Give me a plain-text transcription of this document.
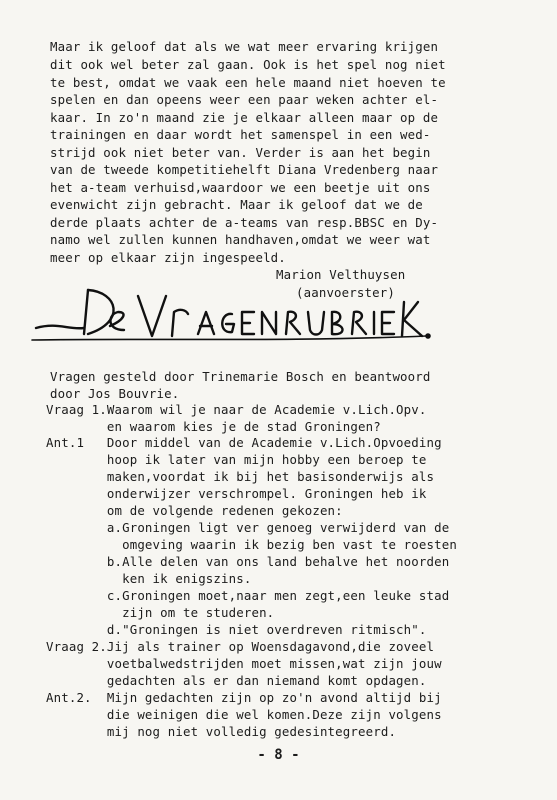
Maar ik geloof dat als we wat meer ervaring krijgen
dit ook wel beter zal gaan. Ook is het spel nog niet
te best, omdat we vaak een hele maand niet hoeven te
spelen en dan opeens weer een paar weken achter el-
kaar. In zo'n maand zie je elkaar alleen maar op de
trainingen en daar wordt het samenspel in een wed-
strijd ook niet beter van. Verder is aan het begin
van de tweede kompetitiehelft Diana Vredenberg naar
het a-team verhuisd,waardoor we een beetje uit ons
evenwicht zijn gebracht. Maar ik geloof dat we de
derde plaats achter de a-teams van resp.BBSC en Dy-
namo wel zullen kunnen handhaven,omdat we weer wat
meer op elkaar zijn ingespeeld.
Marion Velthuysen
(aanvoerster)
Vragen gesteld door Trinemarie Bosch en beantwoord
door Jos Bouvrie.
Vraag 1.Waarom wil je naar de Academie v.Lich.Opv.
en waarom kies je de stad Groningen?
Ant.1   Door middel van de Academie v.Lich.Opvoeding
hoop ik later van mijn hobby een beroep te
maken,voordat ik bij het basisonderwijs als
onderwijzer verschrompel. Groningen heb ik
om de volgende redenen gekozen:
a.Groningen ligt ver genoeg verwijderd van de
omgeving waarin ik bezig ben vast te roesten
b.Alle delen van ons land behalve het noorden
ken ik enigszins.
c.Groningen moet,naar men zegt,een leuke stad
zijn om te studeren.
d."Groningen is niet overdreven ritmisch".
Vraag 2.Jij als trainer op Woensdagavond,die zoveel
voetbalwedstrijden moet missen,wat zijn jouw
gedachten als er dan niemand komt opdagen.
Ant.2.  Mijn gedachten zijn op zo'n avond altijd bij
die weinigen die wel komen.Deze zijn volgens
mij nog niet volledig gedesintegreerd.
- 8 -
